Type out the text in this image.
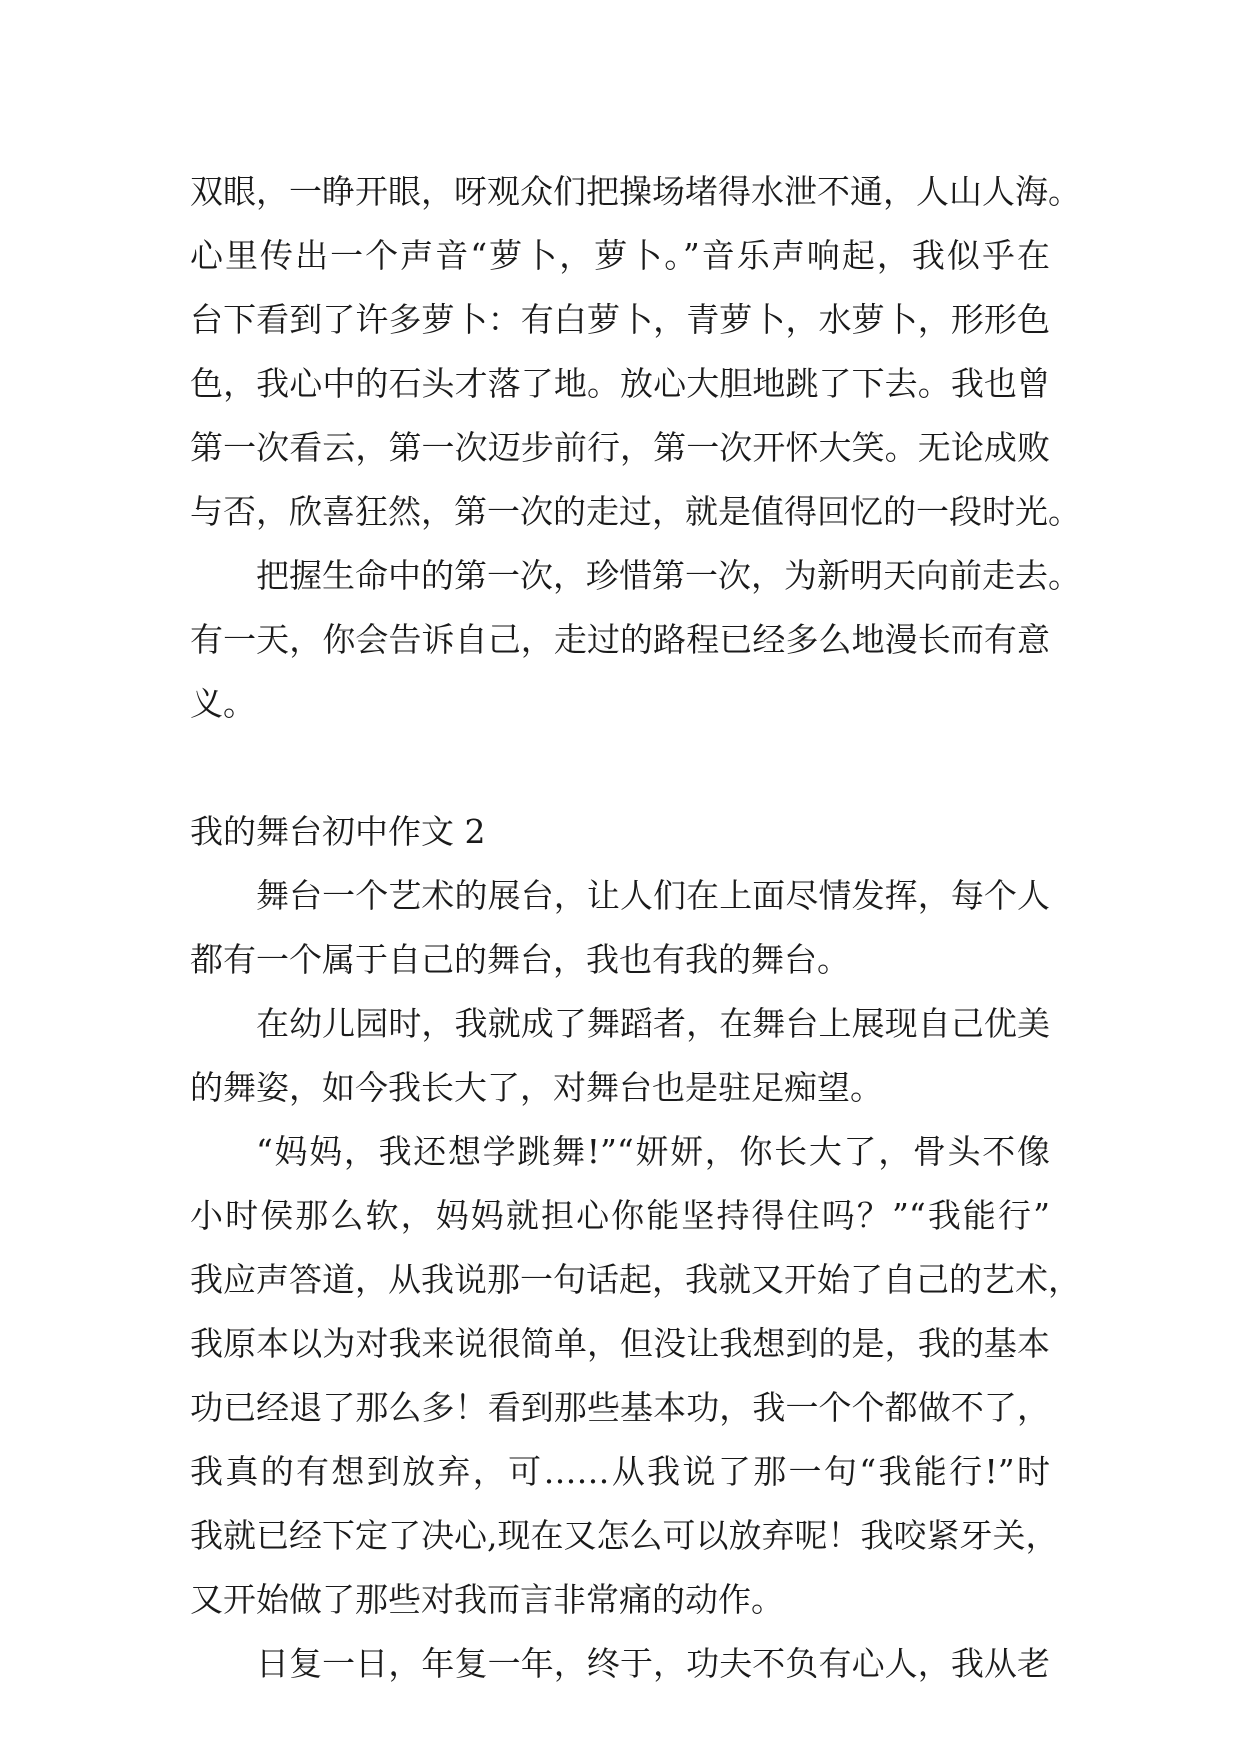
双眼，一睁开眼，呀观众们把操场堵得水泄不通，人山人海。
心里传出一个声音“萝卜，萝卜。”音乐声响起，我似乎在
台下看到了许多萝卜：有白萝卜，青萝卜，水萝卜，形形色
色，我心中的石头才落了地。放心大胆地跳了下去。我也曾
第一次看云，第一次迈步前行，第一次开怀大笑。无论成败
与否，欣喜狂然，第一次的走过，就是值得回忆的一段时光。
把握生命中的第一次，珍惜第一次，为新明天向前走去。
有一天，你会告诉自己，走过的路程已经多么地漫长而有意
义。
我的舞台初中作文 2
舞台一个艺术的展台，让人们在上面尽情发挥，每个人
都有一个属于自己的舞台，我也有我的舞台。
在幼儿园时，我就成了舞蹈者，在舞台上展现自己优美
的舞姿，如今我长大了，对舞台也是驻足痴望。
“妈妈，我还想学跳舞!”“妍妍，你长大了，骨头不像
小时侯那么软，妈妈就担心你能坚持得住吗？”“我能行”
我应声答道，从我说那一句话起，我就又开始了自己的艺术，
我原本以为对我来说很简单，但没让我想到的是，我的基本
功已经退了那么多！看到那些基本功，我一个个都做不了，
我真的有想到放弃，可……从我说了那一句“我能行!”时
我就已经下定了决心,现在又怎么可以放弃呢！我咬紧牙关，
又开始做了那些对我而言非常痛的动作。
日复一日，年复一年，终于，功夫不负有心人，我从老
